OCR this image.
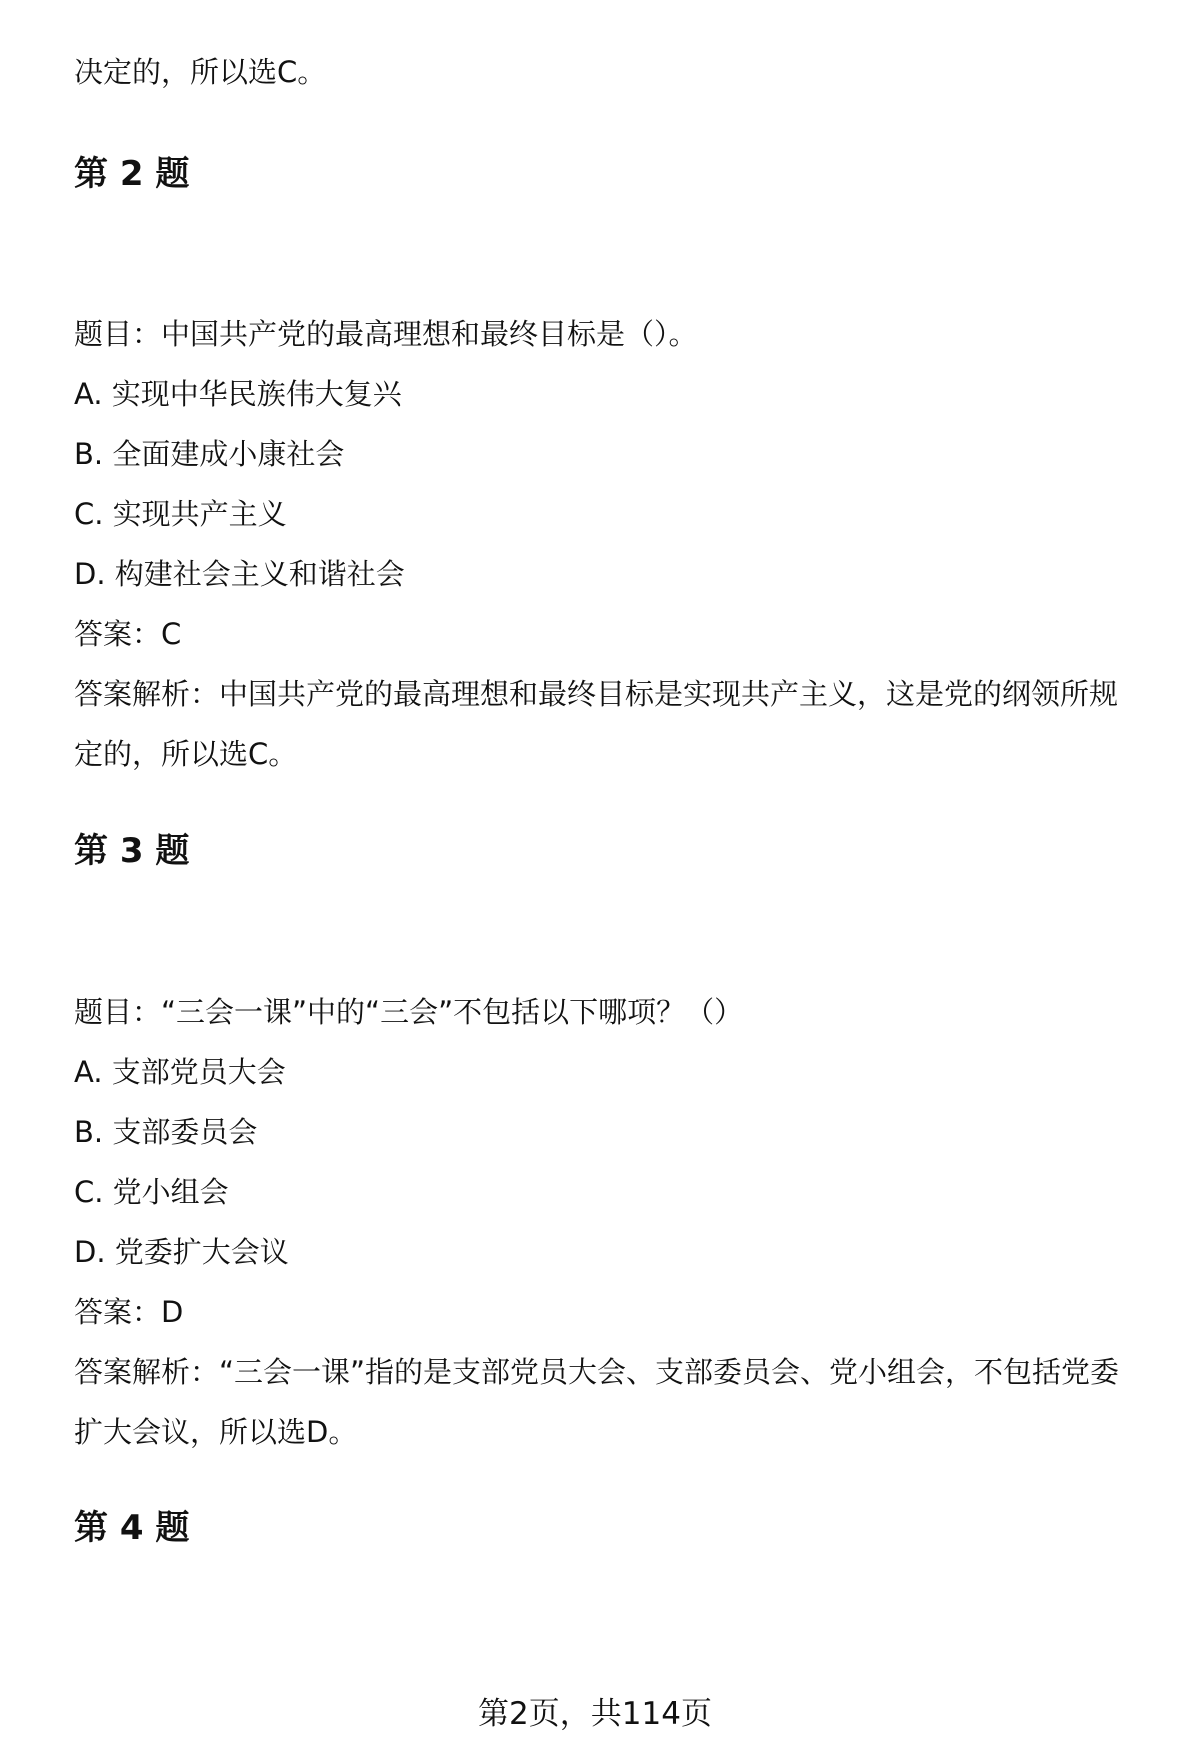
决定的，所以选C。
第 2 题
题目：中国共产党的最高理想和最终目标是（）。
A. 实现中华民族伟大复兴
B. 全面建成小康社会
C. 实现共产主义
D. 构建社会主义和谐社会
答案：C
答案解析：中国共产党的最高理想和最终目标是实现共产主义，这是党的纲领所规
定的，所以选C。
第 3 题
题目：“三会一课”中的“三会”不包括以下哪项？（）
A. 支部党员大会
B. 支部委员会
C. 党小组会
D. 党委扩大会议
答案：D
答案解析：“三会一课”指的是支部党员大会、支部委员会、党小组会，不包括党委
扩大会议，所以选D。
第 4 题
第2页，共114页
